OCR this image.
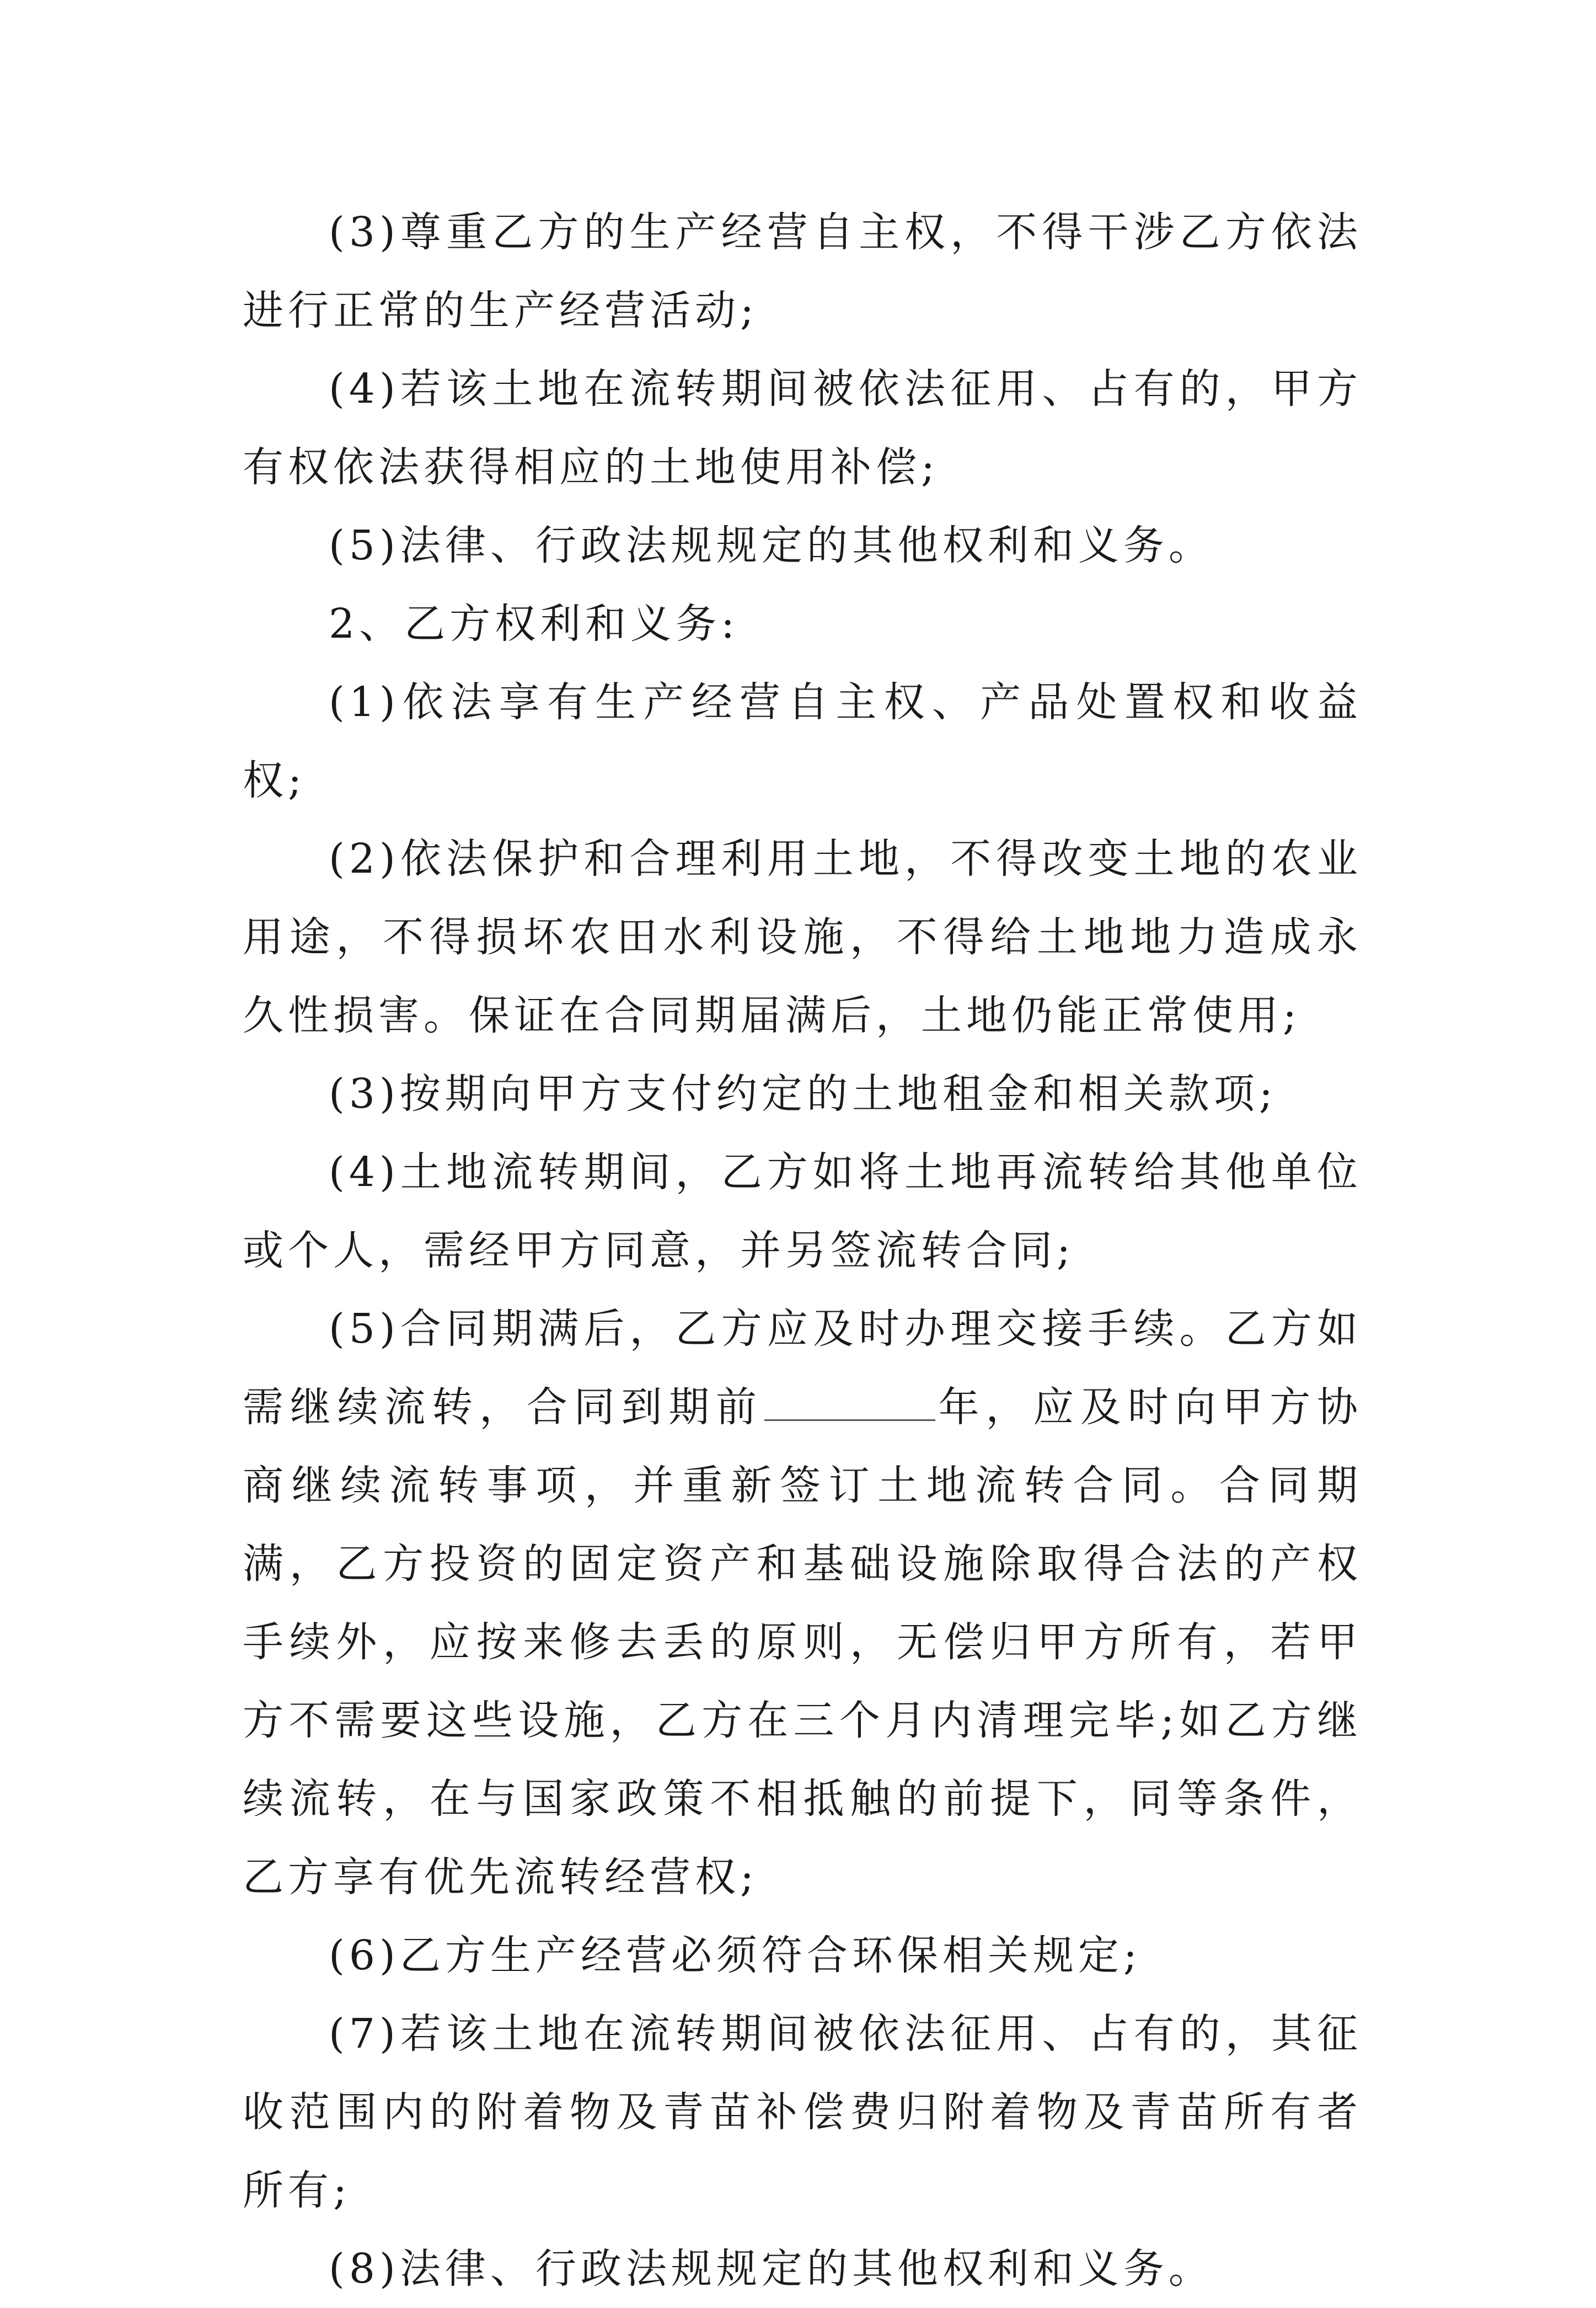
(3)尊重乙方的生产经营自主权，不得干涉乙方依法进行正常的生产经营活动;

(4)若该土地在流转期间被依法征用、占有的，甲方有权依法获得相应的土地使用补偿;

(5)法律、行政法规规定的其他权利和义务。

2、乙方权利和义务:

(1)依法享有生产经营自主权、产品处置权和收益权;

(2)依法保护和合理利用土地，不得改变土地的农业用途，不得损坏农田水利设施，不得给土地地力造成永久性损害。保证在合同期届满后，土地仍能正常使用;

(3)按期向甲方支付约定的土地租金和相关款项;

(4)土地流转期间，乙方如将土地再流转给其他单位或个人，需经甲方同意，并另签流转合同;

(5)合同期满后，乙方应及时办理交接手续。乙方如需继续流转，合同到期前	年，应及时向甲方协商继续流转事项，并重新签订土地流转合同。合同期满，乙方投资的固定资产和基础设施除取得合法的产权手续外，应按来修去丢的原则，无偿归甲方所有，若甲方不需要这些设施，乙方在三个月内清理完毕;如乙方继续流转，在与国家政策不相抵触的前提下，同等条件，乙方享有优先流转经营权;

(6)乙方生产经营必须符合环保相关规定;

(7)若该土地在流转期间被依法征用、占有的，其征收范围内的附着物及青苗补偿费归附着物及青苗所有者所有;

(8)法律、行政法规规定的其他权利和义务。
